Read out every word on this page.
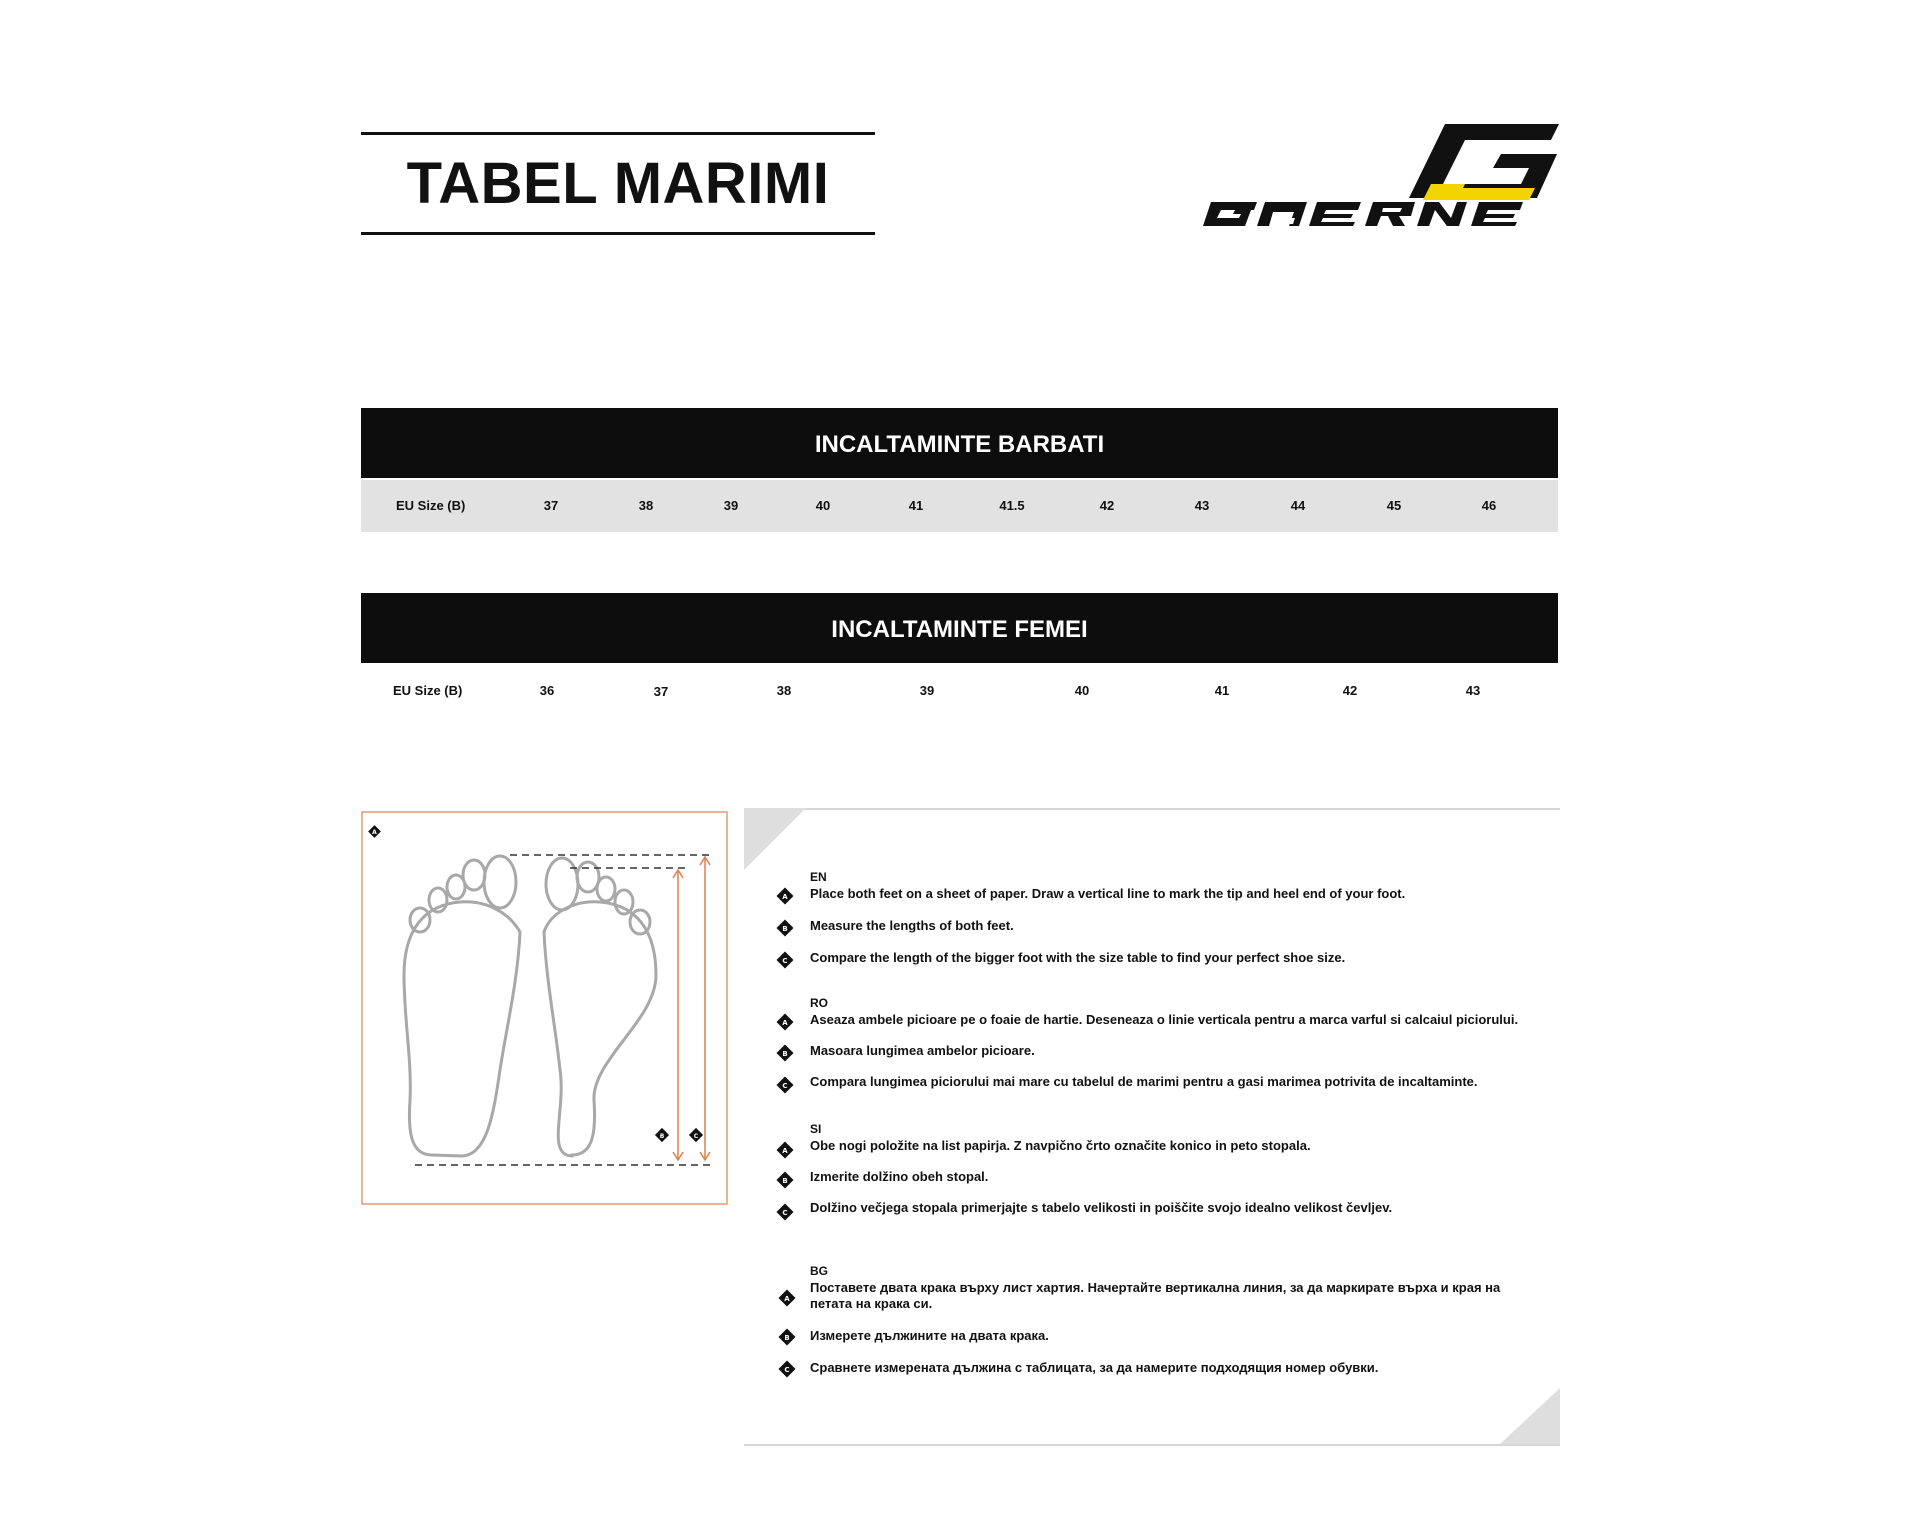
TABEL MARIMI
INCALTAMINTE BARBATI
EU Size (B)	37	38	39	40	41	41.5	42	43	44	45	46
INCALTAMINTE FEMEI
EU Size (B)	36	37	38	39	40	41	42	43
A
B	C
EN
A Place both feet on a sheet of paper. Draw a vertical line to mark the tip and heel end of your foot.
B Measure the lengths of both feet.
C Compare the length of the bigger foot with the size table to find your perfect shoe size.
RO
A Aseaza ambele picioare pe o foaie de hartie. Deseneaza o linie verticala pentru a marca varful si calcaiul piciorului.
B Masoara lungimea ambelor picioare.
C Compara lungimea piciorului mai mare cu tabelul de marimi pentru a gasi marimea potrivita de incaltaminte.
SI
A Obe nogi položite na list papirja. Z navpično črto označite konico in peto stopala.
B Izmerite dolžino obeh stopal.
C Dolžino večjega stopala primerjajte s tabelo velikosti in poiščite svojo idealno velikost čevljev.
BG
A
Поставете двата крака върху лист хартия. Начертайте вертикална линия, за да маркирате върха и края на петата на крака си.
B Измерете дължините на двата крака.
C Сравнете измерената дължина с таблицата, за да намерите подходящия номер обувки.
